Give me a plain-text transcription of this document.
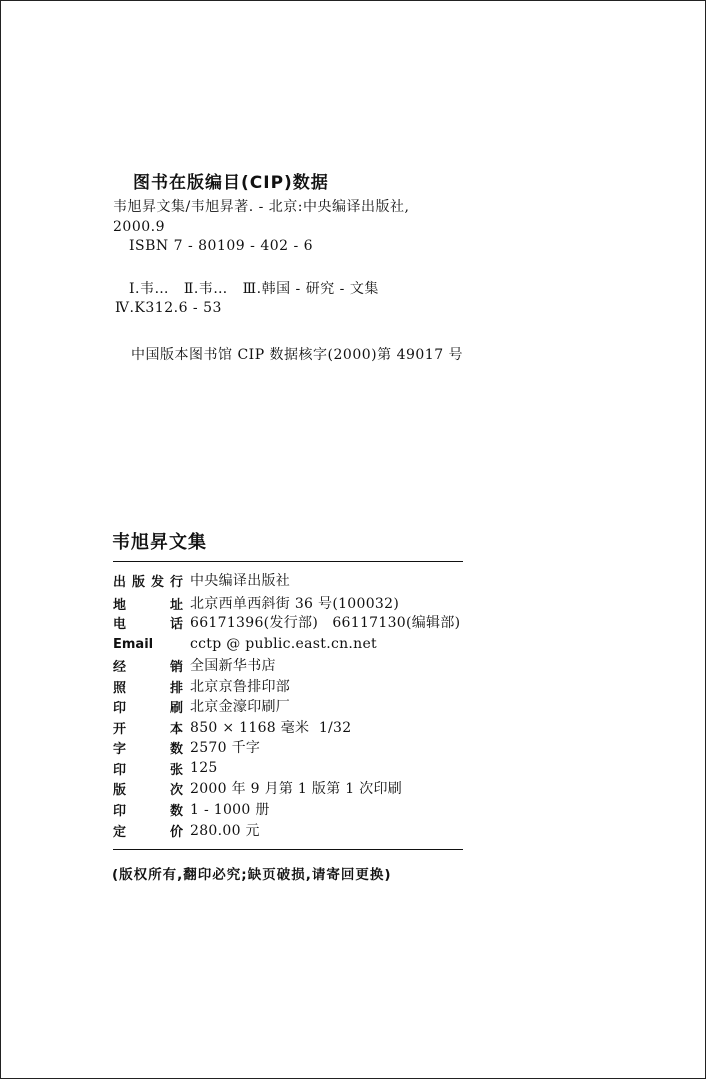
图书在版编目(CIP)数据
韦旭昇文集/韦旭昇著. - 北京:中央编译出版社,
2000.9
ISBN 7 - 80109 - 402 - 6
Ⅰ.韦…   Ⅱ.韦…   Ⅲ.韩国 - 研究 - 文集
Ⅳ.K312.6 - 53
中国版本图书馆 CIP 数据核字(2000)第 49017 号
韦旭昇文集
出版发行 中央编译出版社
地址 北京西单西斜街 36 号(100032)
电话 66171396(发行部)   66117130(编辑部)
Email	cctp @ public.east.cn.net
经销 全国新华书店
照排 北京京鲁排印部
印刷 北京金濠印刷厂
开本 850 × 1168 毫米  1/32
字数 2570 千字
印张 125
版次 2000 年 9 月第 1 版第 1 次印刷
印数 1 - 1000 册
定价 280.00 元
(版权所有,翻印必究;缺页破损,请寄回更换)
